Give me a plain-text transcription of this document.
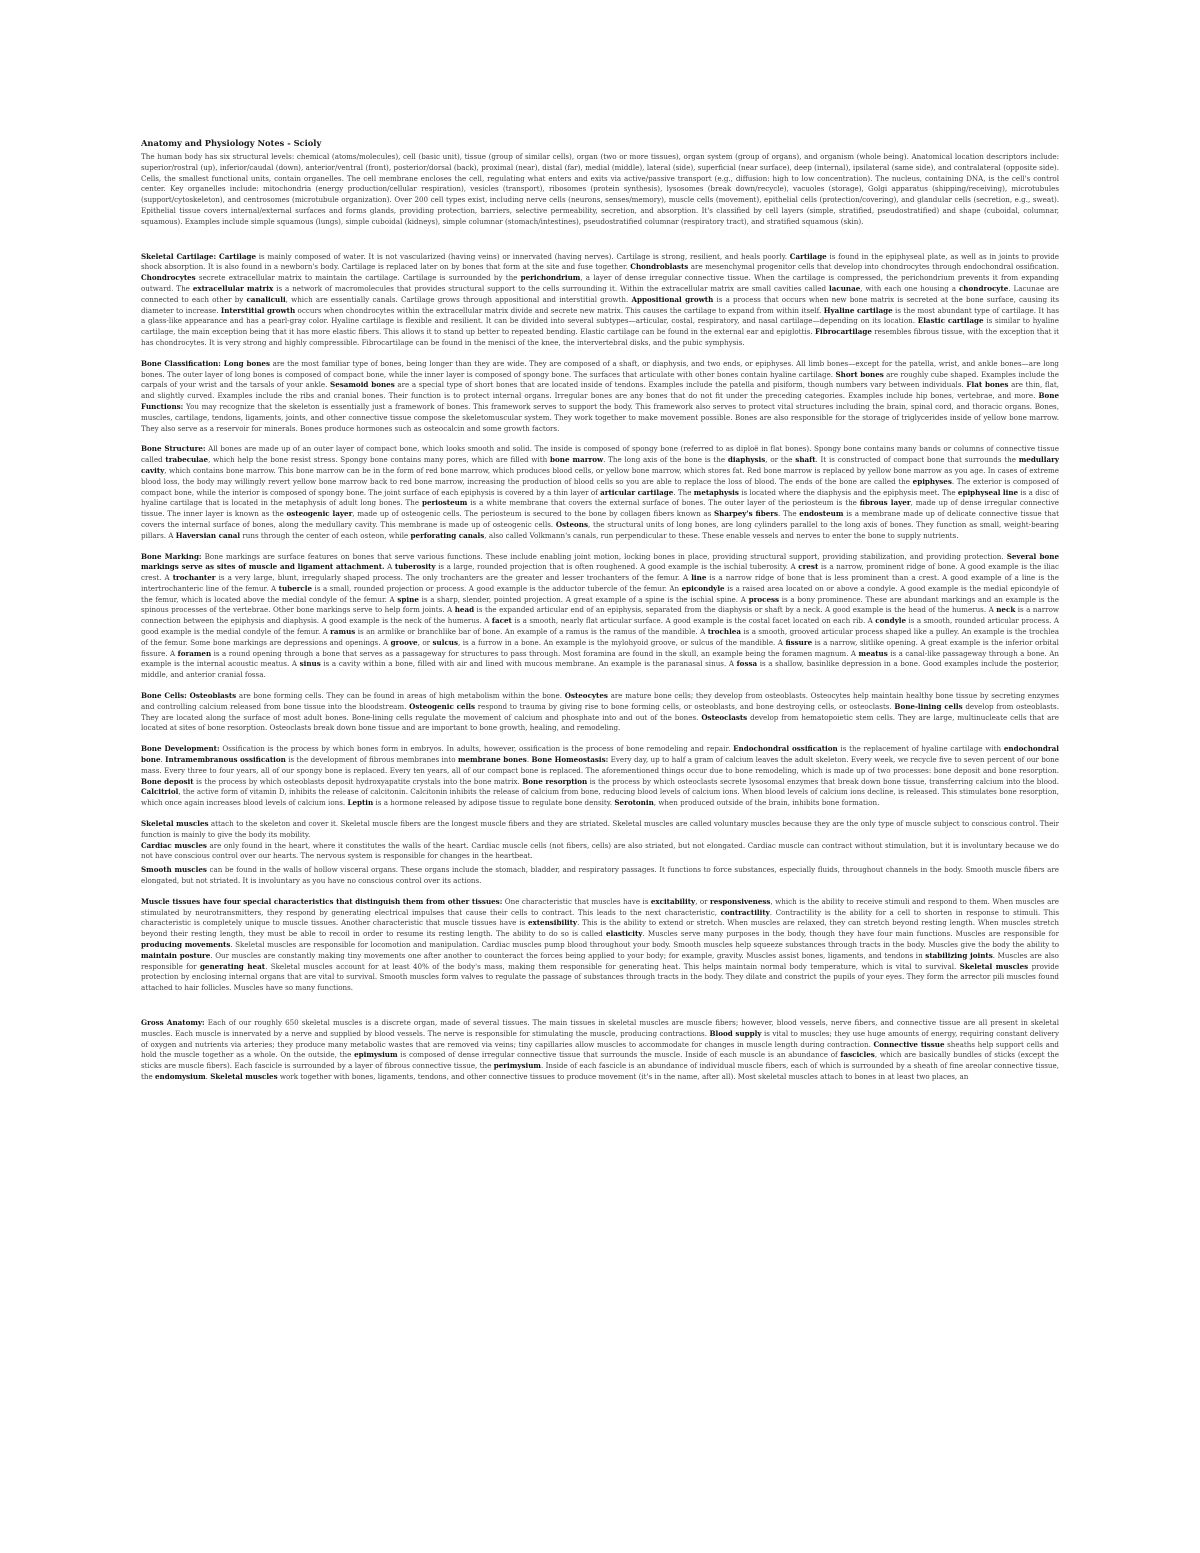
Anatomy and Physiology Notes - Scioly

The human body has six structural levels: chemical (atoms/molecules), cell (basic unit), tissue (group of similar cells), organ (two or more tissues), organ system (group of organs), and organism (whole being). Anatomical location descriptors include: superior/rostral (up), inferior/caudal (down), anterior/ventral (front), posterior/dorsal (back), proximal (near), distal (far), medial (middle), lateral (side), superficial (near surface), deep (internal), ipsilateral (same side), and contralateral (opposite side). Cells, the smallest functional units, contain organelles. The cell membrane encloses the cell, regulating what enters and exits via active/passive transport (e.g., diffusion: high to low concentration). The nucleus, containing DNA, is the cell's control center. Key organelles include: mitochondria (energy production/cellular respiration), vesicles (transport), ribosomes (protein synthesis), lysosomes (break down/recycle), vacuoles (storage), Golgi apparatus (shipping/receiving), microtubules (support/cytoskeleton), and centrosomes (microtubule organization). Over 200 cell types exist, including nerve cells (neurons, senses/memory), muscle cells (movement), epithelial cells (protection/covering), and glandular cells (secretion, e.g., sweat). Epithelial tissue covers internal/external surfaces and forms glands, providing protection, barriers, selective permeability, secretion, and absorption. It's classified by cell layers (simple, stratified, pseudostratified) and shape (cuboidal, columnar, squamous). Examples include simple squamous (lungs), simple cuboidal (kidneys), simple columnar (stomach/intestines), pseudostratified columnar (respiratory tract), and stratified squamous (skin).

Skeletal Cartilage: Cartilage is mainly composed of water. It is not vascularized (having veins) or innervated (having nerves). Cartilage is strong, resilient, and heals poorly. Cartilage is found in the epiphyseal plate, as well as in joints to provide shock absorption. It is also found in a newborn's body. Cartilage is replaced later on by bones that form at the site and fuse together. Chondroblasts are mesenchymal progenitor cells that develop into chondrocytes through endochondral ossification. Chondrocytes secrete extracellular matrix to maintain the cartilage. Cartilage is surrounded by the perichondrium, a layer of dense irregular connective tissue. When the cartilage is compressed, the perichondrium prevents it from expanding outward. The extracellular matrix is a network of macromolecules that provides structural support to the cells surrounding it. Within the extracellular matrix are small cavities called lacunae, with each one housing a chondrocyte. Lacunae are connected to each other by canaliculi, which are essentially canals. Cartilage grows through appositional and interstitial growth. Appositional growth is a process that occurs when new bone matrix is secreted at the bone surface, causing its diameter to increase. Interstitial growth occurs when chondrocytes within the extracellular matrix divide and secrete new matrix. This causes the cartilage to expand from within itself. Hyaline cartilage is the most abundant type of cartilage. It has a glass-like appearance and has a pearl-gray color. Hyaline cartilage is flexible and resilient. It can be divided into several subtypes—articular, costal, respiratory, and nasal cartilage—depending on its location. Elastic cartilage is similar to hyaline cartilage, the main exception being that it has more elastic fibers. This allows it to stand up better to repeated bending. Elastic cartilage can be found in the external ear and epiglottis. Fibrocartilage resembles fibrous tissue, with the exception that it has chondrocytes. It is very strong and highly compressible. Fibrocartilage can be found in the menisci of the knee, the intervertebral disks, and the pubic symphysis.

Bone Classification: Long bones are the most familiar type of bones, being longer than they are wide. They are composed of a shaft, or diaphysis, and two ends, or epiphyses. All limb bones—except for the patella, wrist, and ankle bones—are long bones. The outer layer of long bones is composed of compact bone, while the inner layer is composed of spongy bone. The surfaces that articulate with other bones contain hyaline cartilage. Short bones are roughly cube shaped. Examples include the carpals of your wrist and the tarsals of your ankle. Sesamoid bones are a special type of short bones that are located inside of tendons. Examples include the patella and pisiform, though numbers vary between individuals. Flat bones are thin, flat, and slightly curved. Examples include the ribs and cranial bones. Their function is to protect internal organs. Irregular bones are any bones that do not fit under the preceding categories. Examples include hip bones, vertebrae, and more. Bone Functions: You may recognize that the skeleton is essentially just a framework of bones. This framework serves to support the body. This framework also serves to protect vital structures including the brain, spinal cord, and thoracic organs. Bones, muscles, cartilage, tendons, ligaments, joints, and other connective tissue compose the skeletomuscular system. They work together to make movement possible. Bones are also responsible for the storage of triglycerides inside of yellow bone marrow. They also serve as a reservoir for minerals. Bones produce hormones such as osteocalcin and some growth factors.

Bone Structure: All bones are made up of an outer layer of compact bone, which looks smooth and solid. The inside is composed of spongy bone (referred to as diploë in flat bones). Spongy bone contains many bands or columns of connective tissue called trabeculae, which help the bone resist stress. Spongy bone contains many pores, which are filled with bone marrow. The long axis of the bone is the diaphysis, or the shaft. It is constructed of compact bone that surrounds the medullary cavity, which contains bone marrow. This bone marrow can be in the form of red bone marrow, which produces blood cells, or yellow bone marrow, which stores fat. Red bone marrow is replaced by yellow bone marrow as you age. In cases of extreme blood loss, the body may willingly revert yellow bone marrow back to red bone marrow, increasing the production of blood cells so you are able to replace the loss of blood. The ends of the bone are called the epiphyses. The exterior is composed of compact bone, while the interior is composed of spongy bone. The joint surface of each epiphysis is covered by a thin layer of articular cartilage. The metaphysis is located where the diaphysis and the epiphysis meet. The epiphyseal line is a disc of hyaline cartilage that is located in the metaphysis of adult long bones. The periosteum is a white membrane that covers the external surface of bones. The outer layer of the periosteum is the fibrous layer, made up of dense irregular connective tissue. The inner layer is known as the osteogenic layer, made up of osteogenic cells. The periosteum is secured to the bone by collagen fibers known as Sharpey's fibers. The endosteum is a membrane made up of delicate connective tissue that covers the internal surface of bones, along the medullary cavity. This membrane is made up of osteogenic cells. Osteons, the structural units of long bones, are long cylinders parallel to the long axis of bones. They function as small, weight-bearing pillars. A Haversian canal runs through the center of each osteon, while perforating canals, also called Volkmann's canals, run perpendicular to these. These enable vessels and nerves to enter the bone to supply nutrients.

Bone Marking: Bone markings are surface features on bones that serve various functions. These include enabling joint motion, locking bones in place, providing structural support, providing stabilization, and providing protection. Several bone markings serve as sites of muscle and ligament attachment. A tuberosity is a large, rounded projection that is often roughened. A good example is the ischial tuberosity. A crest is a narrow, prominent ridge of bone. A good example is the iliac crest. A trochanter is a very large, blunt, irregularly shaped process. The only trochanters are the greater and lesser trochanters of the femur. A line is a narrow ridge of bone that is less prominent than a crest. A good example of a line is the intertrochanteric line of the femur. A tubercle is a small, rounded projection or process. A good example is the adductor tubercle of the femur. An epicondyle is a raised area located on or above a condyle. A good example is the medial epicondyle of the femur, which is located above the medial condyle of the femur. A spine is a sharp, slender, pointed projection. A great example of a spine is the ischial spine. A process is a bony prominence. These are abundant markings and an example is the spinous processes of the vertebrae. Other bone markings serve to help form joints. A head is the expanded articular end of an epiphysis, separated from the diaphysis or shaft by a neck. A good example is the head of the humerus. A neck is a narrow connection between the epiphysis and diaphysis. A good example is the neck of the humerus. A facet is a smooth, nearly flat articular surface. A good example is the costal facet located on each rib. A condyle is a smooth, rounded articular process. A good example is the medial condyle of the femur. A ramus is an armlike or branchlike bar of bone. An example of a ramus is the ramus of the mandible. A trochlea is a smooth, grooved articular process shaped like a pulley. An example is the trochlea of the femur. Some bone markings are depressions and openings. A groove, or sulcus, is a furrow in a bone. An example is the mylohyoid groove, or sulcus of the mandible. A fissure is a narrow, slitlike opening. A great example is the inferior orbital fissure. A foramen is a round opening through a bone that serves as a passageway for structures to pass through. Most foramina are found in the skull, an example being the foramen magnum. A meatus is a canal-like passageway through a bone. An example is the internal acoustic meatus. A sinus is a cavity within a bone, filled with air and lined with mucous membrane. An example is the paranasal sinus. A fossa is a shallow, basinlike depression in a bone. Good examples include the posterior, middle, and anterior cranial fossa.

Bone Cells: Osteoblasts are bone forming cells. They can be found in areas of high metabolism within the bone. Osteocytes are mature bone cells; they develop from osteoblasts. Osteocytes help maintain healthy bone tissue by secreting enzymes and controlling calcium released from bone tissue into the bloodstream. Osteogenic cells respond to trauma by giving rise to bone forming cells, or osteoblasts, and bone destroying cells, or osteoclasts. Bone-lining cells develop from osteoblasts. They are located along the surface of most adult bones. Bone-lining cells regulate the movement of calcium and phosphate into and out of the bones. Osteoclasts develop from hematopoietic stem cells. They are large, multinucleate cells that are located at sites of bone resorption. Osteoclasts break down bone tissue and are important to bone growth, healing, and remodeling.

Bone Development: Ossification is the process by which bones form in embryos. In adults, however, ossification is the process of bone remodeling and repair. Endochondral ossification is the replacement of hyaline cartilage with endochondral bone. Intramembranous ossification is the development of fibrous membranes into membrane bones. Bone Homeostasis: Every day, up to half a gram of calcium leaves the adult skeleton. Every week, we recycle five to seven percent of our bone mass. Every three to four years, all of our spongy bone is replaced. Every ten years, all of our compact bone is replaced. The aforementioned things occur due to bone remodeling, which is made up of two processes: bone deposit and bone resorption. Bone deposit is the process by which osteoblasts deposit hydroxyapatite crystals into the bone matrix. Bone resorption is the process by which osteoclasts secrete lysosomal enzymes that break down bone tissue, transferring calcium into the blood. Calcitriol, the active form of vitamin D, inhibits the release of calcitonin. Calcitonin inhibits the release of calcium from bone, reducing blood levels of calcium ions. When blood levels of calcium ions decline, is released. This stimulates bone resorption, which once again increases blood levels of calcium ions. Leptin is a hormone released by adipose tissue to regulate bone density. Serotonin, when produced outside of the brain, inhibits bone formation.

Skeletal muscles attach to the skeleton and cover it. Skeletal muscle fibers are the longest muscle fibers and they are striated. Skeletal muscles are called voluntary muscles because they are the only type of muscle subject to conscious control. Their function is mainly to give the body its mobility.

Cardiac muscles are only found in the heart, where it constitutes the walls of the heart. Cardiac muscle cells (not fibers, cells) are also striated, but not elongated. Cardiac muscle can contract without stimulation, but it is involuntary because we do not have conscious control over our hearts. The nervous system is responsible for changes in the heartbeat.

Smooth muscles can be found in the walls of hollow visceral organs. These organs include the stomach, bladder, and respiratory passages. It functions to force substances, especially fluids, throughout channels in the body. Smooth muscle fibers are elongated, but not striated. It is involuntary as you have no conscious control over its actions.

Muscle tissues have four special characteristics that distinguish them from other tissues: One characteristic that muscles have is excitability, or responsiveness, which is the ability to receive stimuli and respond to them. When muscles are stimulated by neurotransmitters, they respond by generating electrical impulses that cause their cells to contract. This leads to the next characteristic, contractility. Contractility is the ability for a cell to shorten in response to stimuli. This characteristic is completely unique to muscle tissues. Another characteristic that muscle tissues have is extensibility. This is the ability to extend or stretch. When muscles are relaxed, they can stretch beyond resting length. When muscles stretch beyond their resting length, they must be able to recoil in order to resume its resting length. The ability to do so is called elasticity. Muscles serve many purposes in the body, though they have four main functions. Muscles are responsible for producing movements. Skeletal muscles are responsible for locomotion and manipulation. Cardiac muscles pump blood throughout your body. Smooth muscles help squeeze substances through tracts in the body. Muscles give the body the ability to maintain posture. Our muscles are constantly making tiny movements one after another to counteract the forces being applied to your body; for example, gravity. Muscles assist bones, ligaments, and tendons in stabilizing joints. Muscles are also responsible for generating heat. Skeletal muscles account for at least 40% of the body's mass, making them responsible for generating heat. This helps maintain normal body temperature, which is vital to survival. Skeletal muscles provide protection by enclosing internal organs that are vital to survival. Smooth muscles form valves to regulate the passage of substances through tracts in the body. They dilate and constrict the pupils of your eyes. They form the arrector pili muscles found attached to hair follicles. Muscles have so many functions.

Gross Anatomy: Each of our roughly 650 skeletal muscles is a discrete organ, made of several tissues. The main tissues in skeletal muscles are muscle fibers; however, blood vessels, nerve fibers, and connective tissue are all present in skeletal muscles. Each muscle is innervated by a nerve and supplied by blood vessels. The nerve is responsible for stimulating the muscle, producing contractions. Blood supply is vital to muscles; they use huge amounts of energy, requiring constant delivery of oxygen and nutrients via arteries; they produce many metabolic wastes that are removed via veins; tiny capillaries allow muscles to accommodate for changes in muscle length during contraction. Connective tissue sheaths help support cells and hold the muscle together as a whole. On the outside, the epimysium is composed of dense irregular connective tissue that surrounds the muscle. Inside of each muscle is an abundance of fascicles, which are basically bundles of sticks (except the sticks are muscle fibers). Each fascicle is surrounded by a layer of fibrous connective tissue, the perimysium. Inside of each fascicle is an abundance of individual muscle fibers, each of which is surrounded by a sheath of fine areolar connective tissue, the endomysium. Skeletal muscles work together with bones, ligaments, tendons, and other connective tissues to produce movement (it's in the name, after all). Most skeletal muscles attach to bones in at least two places, an
